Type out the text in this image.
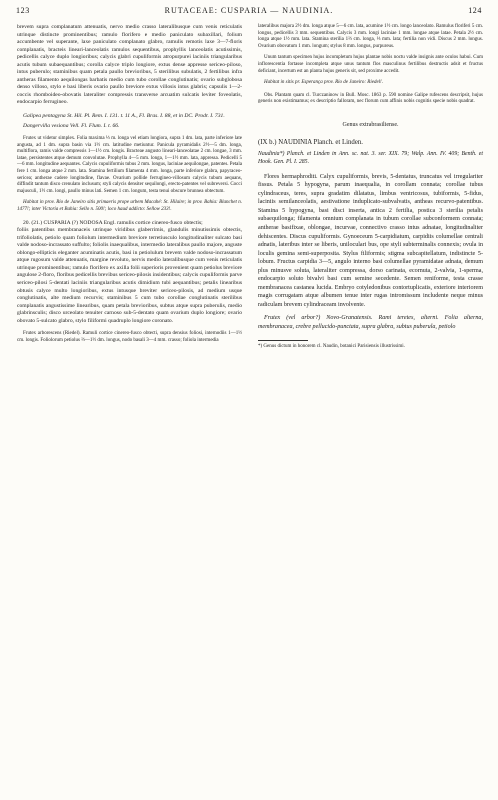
123	RUTACEAE: CUSPARIA — NAUDINIA.	124

brevem supra complanatum attenuatis, nervo medio crasso lateralibusque cum venis reticulatis utrinque distincte prominentibus; ramulo florifero e medio paniculato subaxillari, folium accumbente vel superante, laxe paniculato complanato glabro, ramulis remotis laxe 3—7-floris complanatis, bracteis lineari-lanceolatis ramulos sequentibus, prophyllis lanceolatis acutissimis, pedicellis calyce duplo longioribus; calycis glabri cupuliformis atropurpurei laciniis triangularibus acutis tubum subaequantibus; corolla calyce triplo longiore, extus dense appresse sericeo-piloso, intus puberulo; staminibus quam petala paullo brevioribus, 5 sterilibus subulatis, 2 fertilibus infra antheras filamento aequilongas barbatis medio cum tubo corollae conglutinatis; ovario subglobosa denso villoso, stylo e basi liberis ovario paullo breviore extus villosis intus glabris; capsulis 1—2-coccis rhomboideo-obovatis lateraliter compressis transverse arcuatim sulcatis leviter foveolatis, endocarpio ferrugineo.

Galipea pentagyna St. Hil. Pl. Rem. I. 131. t. 11 A., Fl. Bras. I. 88, et in DC. Prodr. I. 731.

Dangervilla vesiona Vell. Fl. Flum. I. t. 66.

Frutex ut videtur simplex. Folia maxima ⅓ m. longa vel etiam longiora, supra 1 dm. lata, parte inferiore late angusta, ad 1 dm. supra basin via 1½ cm. latitudine metiuntur. Panicula pyramidalis 2½—5 dm. longa, multiflora, ramis valde compressis 1—1½ cm. longis. Bracteae angusto lineari-lanceolatae 2 cm. longae, 3 mm. latae, persistentes atque demum convolutae. Prophylla 4—5 mm. longa, 1—1½ mm. lata, appressa. Pedicelli 5—6 mm. longitudine aequantes. Calycis cupuliformis tubus 2 mm. longus, laciniae aequilongae, patentes. Petala fere 1 cm. longa atque 2 mm. lata. Stamina fertilium filamenta 4 mm. longa, parte inferiore glabra, papyraceo-sericea; antherae cadere longitudine, flavae. Ovarium pollide ferrugineo-villosum calycis tubum aequans, diffindit tantum disco crenulato inclusum; styli calycis densiter sequilongi, erecto-patentes vel subreversi. Cocci majusculi, 1½ cm. longi, paullo minus lati. Semen 1 cm. longum, testa tenui obscure brunnea obtectum.

Habitat in prov. Rio de Janeiro sitis primaeris prope urbem Macahé: St. Hilaire; in prov. Bahia: Blanchet n. 1477!; inter Victoria et Bahia: Sello n. 500!; loco haud addicto: Sellow 233!.

20. (21.) CUSPARIA (?) NODOSA Engl. ramulis cortice cinereo-fusco obtectis;

foliis patentibus membranaceis utrinque viridibus glaberrimis, glandulis minutissimis obtectis, trifoliolatis, petiolo quam foliolum intermedium breviore terretiusculo longitudinaliter sulcato basi valde nodoso-incrassato suffulto; foliolis inaequalibus, intermedio lateralibus paullo majore, anguste oblongo-ellipticis eleganter acuminatis acutis, basi in petiolulum brevem valde nodoso-incrassatum atque rugosum valde attenuatis, margine revoluto, nervis medio lateralibusque cum venis reticulatis utrinque prominentibus; ramulo florifero ex axilla folii superioris provenient quam petiolus breviore angulose 2-floro, floribus pedicellis brevibus sericeo-pilosis insidentibus; calycis cupuliformis parve sericeo-pilosi 5-dentati laciniis triangularibus acutis dimidium tubi aequantibus; petalis linearibus obtusis calyce multo longioribus, extus intusque breviter sericeo-pilosis, ad medium usque conglutinatis, alte medium recurvis; staminibus 5 cum tubo corollae conglutinatis sterilibus complanatis angustissime linearibus, quam petala brevioribus, subtus atque supra puberulis, medio glabrinsculis; disco urceolato tenuiter carnoso sub-5-dentato quam ovarium duplo longiore; ovario obovato 5-sulcato glabro, stylo filiformi quadruplo longiore coronato.

Frutex arborescens (Riedel). Ramuli cortice cinereo-fusco obtecti, supra densius foliosi, internodiis 1—1½ cm. longis. Foliolorum petiolus ⅔—1½ dm. longus, nodo basali 3—4 mm. crasso; foliola intermedia

lateralibus majora 2½ dm. longa atque 5—6 cm. lata, acumine 1½ cm. longo lanceolato. Ramulus floriferi 5 cm. longus, pedicellis 3 mm. sequentibus. Calycis 3 mm. longi laciniae 1 mm. longae atque latae. Petala 2½ cm. longa atque 1½ mm. lata. Stamina sterilia 1⅔ cm. longa, ⅓ mm. lata; fertilia non vidi. Discus 2 mm. longus. Ovarium obovatum 1 mm. longum; stylus 8 mm. longus, purpureus.

Unum tantum specimen hujus incompletum hujus plantae nobis noctu valde insignis ante oculos habui. Cum inflorescentia fortasse incompleta atque unus tantum flos masculinus fertilibus destructis adsit et fructus deficiant, incertum est an planta hujus generis sit, sed proxime accedit.

Habitat in sitis pr. Esperança prov. Rio de Janeiro: Riedel!.

Obs. Plantam quam cl. Turczaninow in Bull. Mosc. 1863 p. 590 nomine Galipe rufescens descripsit, hujus generis non existimamus; ex descriptio falloram, nec florum cum affinis nobis cognitis specie nobis quadrat.

Genus extrabrasiliense.

(IX b.) NAUDINIA Planch. et Linden.

Naudinia*) Planch. et Linden in Ann. sc. nat. 3. ser. XIX. 79; Walp. Ann. IV. 409; Benth. et Hook. Gen. Pl. I. 285.

Flores hermaphroditi. Calyx cupuliformis, brevis, 5-dentatus, truncatus vel irregulariter fissus. Petala 5 hypogyna, parum inaequalia, in corollam connata; corollae tubus cylindraceus, teres, supra gradatim dilatatus, limbus ventricosus, tubiformis, 5-fidus, laciniis semilanceolatis, aestivatione induplicato-subvalvatis, antheas recurvo-patentibus. Stamina 5 hypogyna, basi disci inserta, antica 2 fertilia, postica 3 sterilia petalis subaequilonga; filamenta omnium complanata in tubum corollae subconformem connata; antherae basifixae, oblongae, incurvae, connectivo crasso intus adnatae, longitudinaliter dehiscentes. Discus cupuliformis. Gynoeceum 5-carpidiatum, carpidiis columellae centrali adnatis, lateribus inter se liberis, uniloculari bus, ope styli subterminalis connexis; ovula in loculis gemina semi-superposita. Stylus filiformis; stigma subcapitellatum, indistincte 5-lobum. Fructus carpidia 3—5, angulo interno basi columellae pyramidatae adnata, demum plus minusve soluta, lateraliter compressa, dorso carinata, ecornuta, 2-valvia, 1-sperma, endocarpio soluto bivalvi basi cum semine secedente. Semen reniforme, testa crasse membranacea castanea lucida. Embryo cotyledonibus contortuplicatis, exteriore interiorem magis corrugatam atque albumen tenue inter rugas intromissum includente neque minus radiculam brevem cylindraceam involvente.

Frutex (vel arbor?) Novo-Granatensis. Rami teretes, alterni. Folia alterna, membranacea, crebre pellucido-punctata, supra glabra, subtus puberula, petiolo

*) Genus dictum in honorem cl. Naudin, botanici Parisiensis illustrissimi.
